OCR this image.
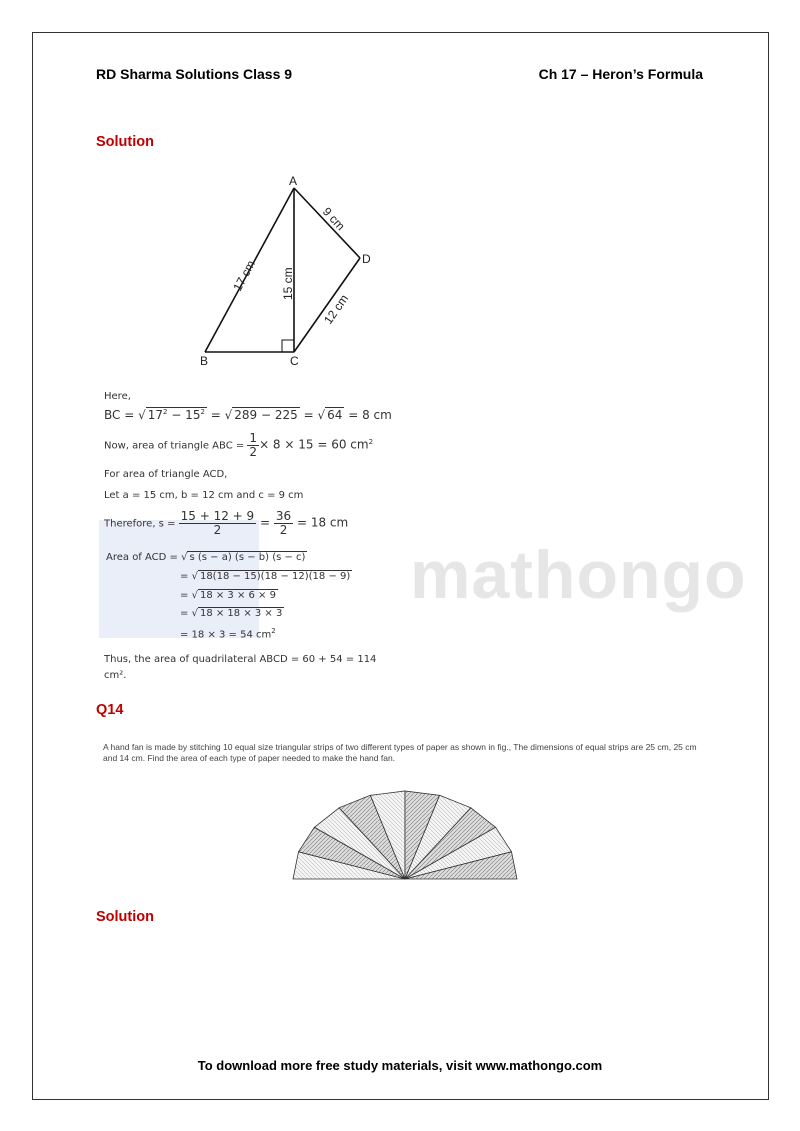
RD Sharma Solutions Class 9	Ch 17 – Heron’s Formula
Solution
A
B	C
D
17 cm 15 cm
9 cm
12 cm
mathongo
Here,
BC = √ $17^2 - 15^2$ = √ 289 − 225 = √ 64 = 8 cm
Now, area of triangle ABC = $\frac{1}{2} \times 8 \times 15 = 60$ $cm^2$
For area of triangle ACD,
Let a = 15 cm, b = 12 cm and c = 9 cm
Therefore, $s = \frac{15 + 12 + 9}{2} = \frac{36}{2} = 18$ cm
Area of ACD = √ s (s − a) (s − b) (s − c)
= √ 18(18 − 15)(18 − 12)(18 − 9)
= √ 18 × 3 × 6 × 9
= √ 18 × 18 × 3 × 3
= 18 × 3 = 54 $cm^2$
Thus, the area of quadrilateral ABCD = 60 + 54 = 114
cm².
Q14
A hand fan is made by stitching 10 equal size triangular strips of two different types of paper as shown in fig., The dimensions of equal strips are 25 cm, 25 cm and 14 cm. Find the area of each type of paper needed to make the hand fan.
Solution
To download more free study materials, visit www.mathongo.com
